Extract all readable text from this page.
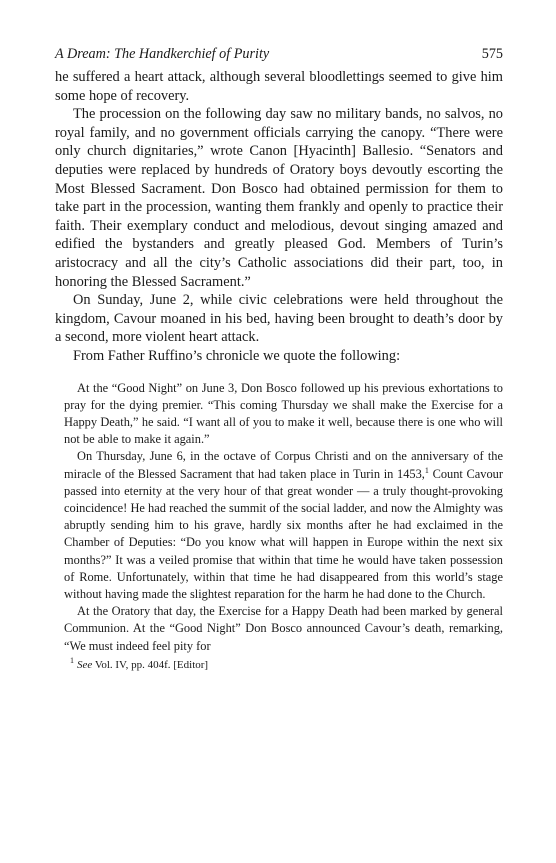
A Dream: The Handkerchief of Purity	575

he suffered a heart attack, although several bloodlettings seemed to give him some hope of recovery.

The procession on the following day saw no military bands, no salvos, no royal family, and no government officials carrying the canopy. “There were only church dignitaries,” wrote Canon [Hyacinth] Ballesio. “Senators and deputies were replaced by hundreds of Oratory boys devoutly escorting the Most Blessed Sacrament. Don Bosco had obtained permission for them to take part in the procession, wanting them frankly and openly to practice their faith. Their exemplary conduct and melodious, devout singing amazed and edified the bystanders and greatly pleased God. Members of Turin’s aristocracy and all the city’s Catholic associations did their part, too, in honoring the Blessed Sacrament.”

On Sunday, June 2, while civic celebrations were held throughout the kingdom, Cavour moaned in his bed, having been brought to death’s door by a second, more violent heart attack.

From Father Ruffino’s chronicle we quote the following:

At the “Good Night” on June 3, Don Bosco followed up his previous exhortations to pray for the dying premier. “This coming Thursday we shall make the Exercise for a Happy Death,” he said. “I want all of you to make it well, because there is one who will not be able to make it again.”

On Thursday, June 6, in the octave of Corpus Christi and on the anniversary of the miracle of the Blessed Sacrament that had taken place in Turin in 1453,$^1$ Count Cavour passed into eternity at the very hour of that great wonder — a truly thought-provoking coincidence! He had reached the summit of the social ladder, and now the Almighty was abruptly sending him to his grave, hardly six months after he had exclaimed in the Chamber of Deputies: “Do you know what will happen in Europe within the next six months?” It was a veiled promise that within that time he would have taken possession of Rome. Unfortunately, within that time he had disappeared from this world’s stage without having made the slightest reparation for the harm he had done to the Church.

At the Oratory that day, the Exercise for a Happy Death had been marked by general Communion. At the “Good Night” Don Bosco announced Cavour’s death, remarking, “We must indeed feel pity for

$^1$ See Vol. IV, pp. 404f. [Editor]
